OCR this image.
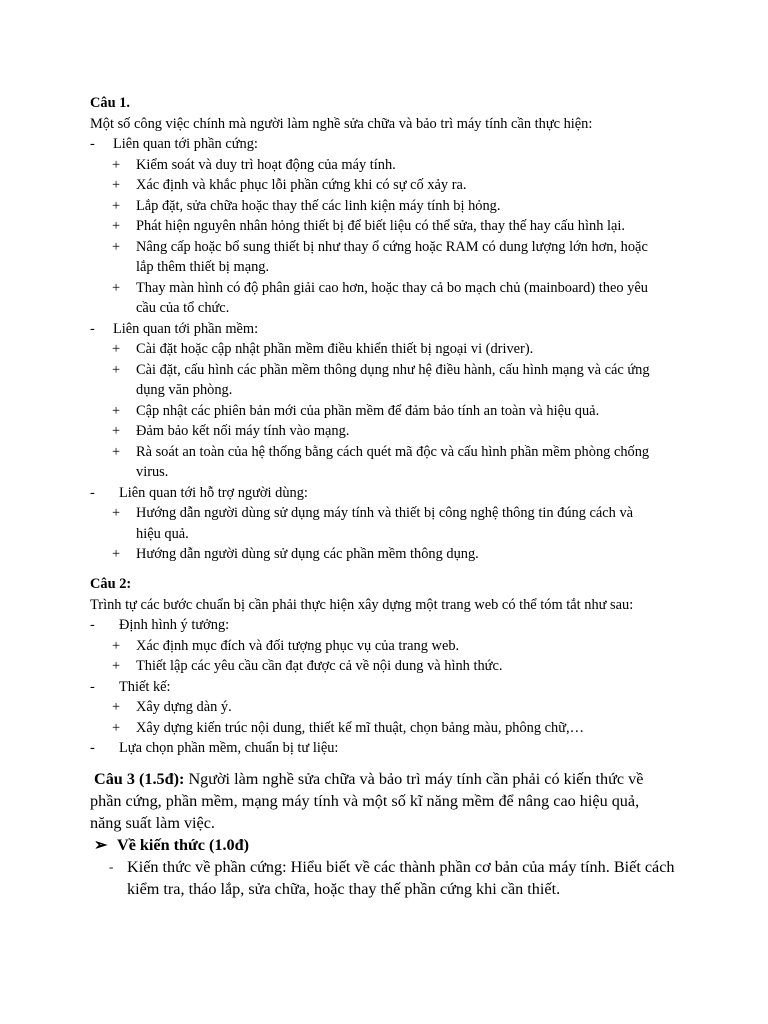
Câu 1.
Một số công việc chính mà người làm nghề sửa chữa và bảo trì máy tính cần thực hiện:
- Liên quan tới phần cứng:
+ Kiểm soát và duy trì hoạt động của máy tính.
+ Xác định và khắc phục lỗi phần cứng khi có sự cố xảy ra.
+ Lắp đặt, sửa chữa hoặc thay thế các linh kiện máy tính bị hỏng.
+ Phát hiện nguyên nhân hỏng thiết bị để biết liệu có thể sửa, thay thế hay cấu hình lại.
+ Nâng cấp hoặc bổ sung thiết bị như thay ổ cứng hoặc RAM có dung lượng lớn hơn, hoặc
lắp thêm thiết bị mạng.
+ Thay màn hình có độ phân giải cao hơn, hoặc thay cả bo mạch chủ (mainboard) theo yêu
cầu của tổ chức.
- Liên quan tới phần mềm:
+ Cài đặt hoặc cập nhật phần mềm điều khiển thiết bị ngoại vi (driver).
+ Cài đặt, cấu hình các phần mềm thông dụng như hệ điều hành, cấu hình mạng và các ứng
dụng văn phòng.
+ Cập nhật các phiên bản mới của phần mềm để đảm bảo tính an toàn và hiệu quả.
+ Đảm bảo kết nối máy tính vào mạng.
+ Rà soát an toàn của hệ thống bằng cách quét mã độc và cấu hình phần mềm phòng chống
virus.
- Liên quan tới hỗ trợ người dùng:
+ Hướng dẫn người dùng sử dụng máy tính và thiết bị công nghệ thông tin đúng cách và
hiệu quả.
+ Hướng dẫn người dùng sử dụng các phần mềm thông dụng.
Câu 2:
Trình tự các bước chuẩn bị cần phải thực hiện xây dựng một trang web có thể tóm tắt như sau:
- Định hình ý tưởng:
+ Xác định mục đích và đối tượng phục vụ của trang web.
+ Thiết lập các yêu cầu cần đạt được cả về nội dung và hình thức.
- Thiết kế:
+ Xây dựng dàn ý.
+ Xây dựng kiến trúc nội dung, thiết kế mĩ thuật, chọn bảng màu, phông chữ,…
- Lựa chọn phần mềm, chuẩn bị tư liệu:
Câu 3 (1.5đ): Người làm nghề sửa chữa và bảo trì máy tính cần phải có kiến thức về
phần cứng, phần mềm, mạng máy tính và một số kĩ năng mềm để nâng cao hiệu quả,
năng suất làm việc.
➢ Về kiến thức (1.0đ)
- Kiến thức về phần cứng: Hiểu biết về các thành phần cơ bản của máy tính. Biết cách
kiểm tra, tháo lắp, sửa chữa, hoặc thay thế phần cứng khi cần thiết.
